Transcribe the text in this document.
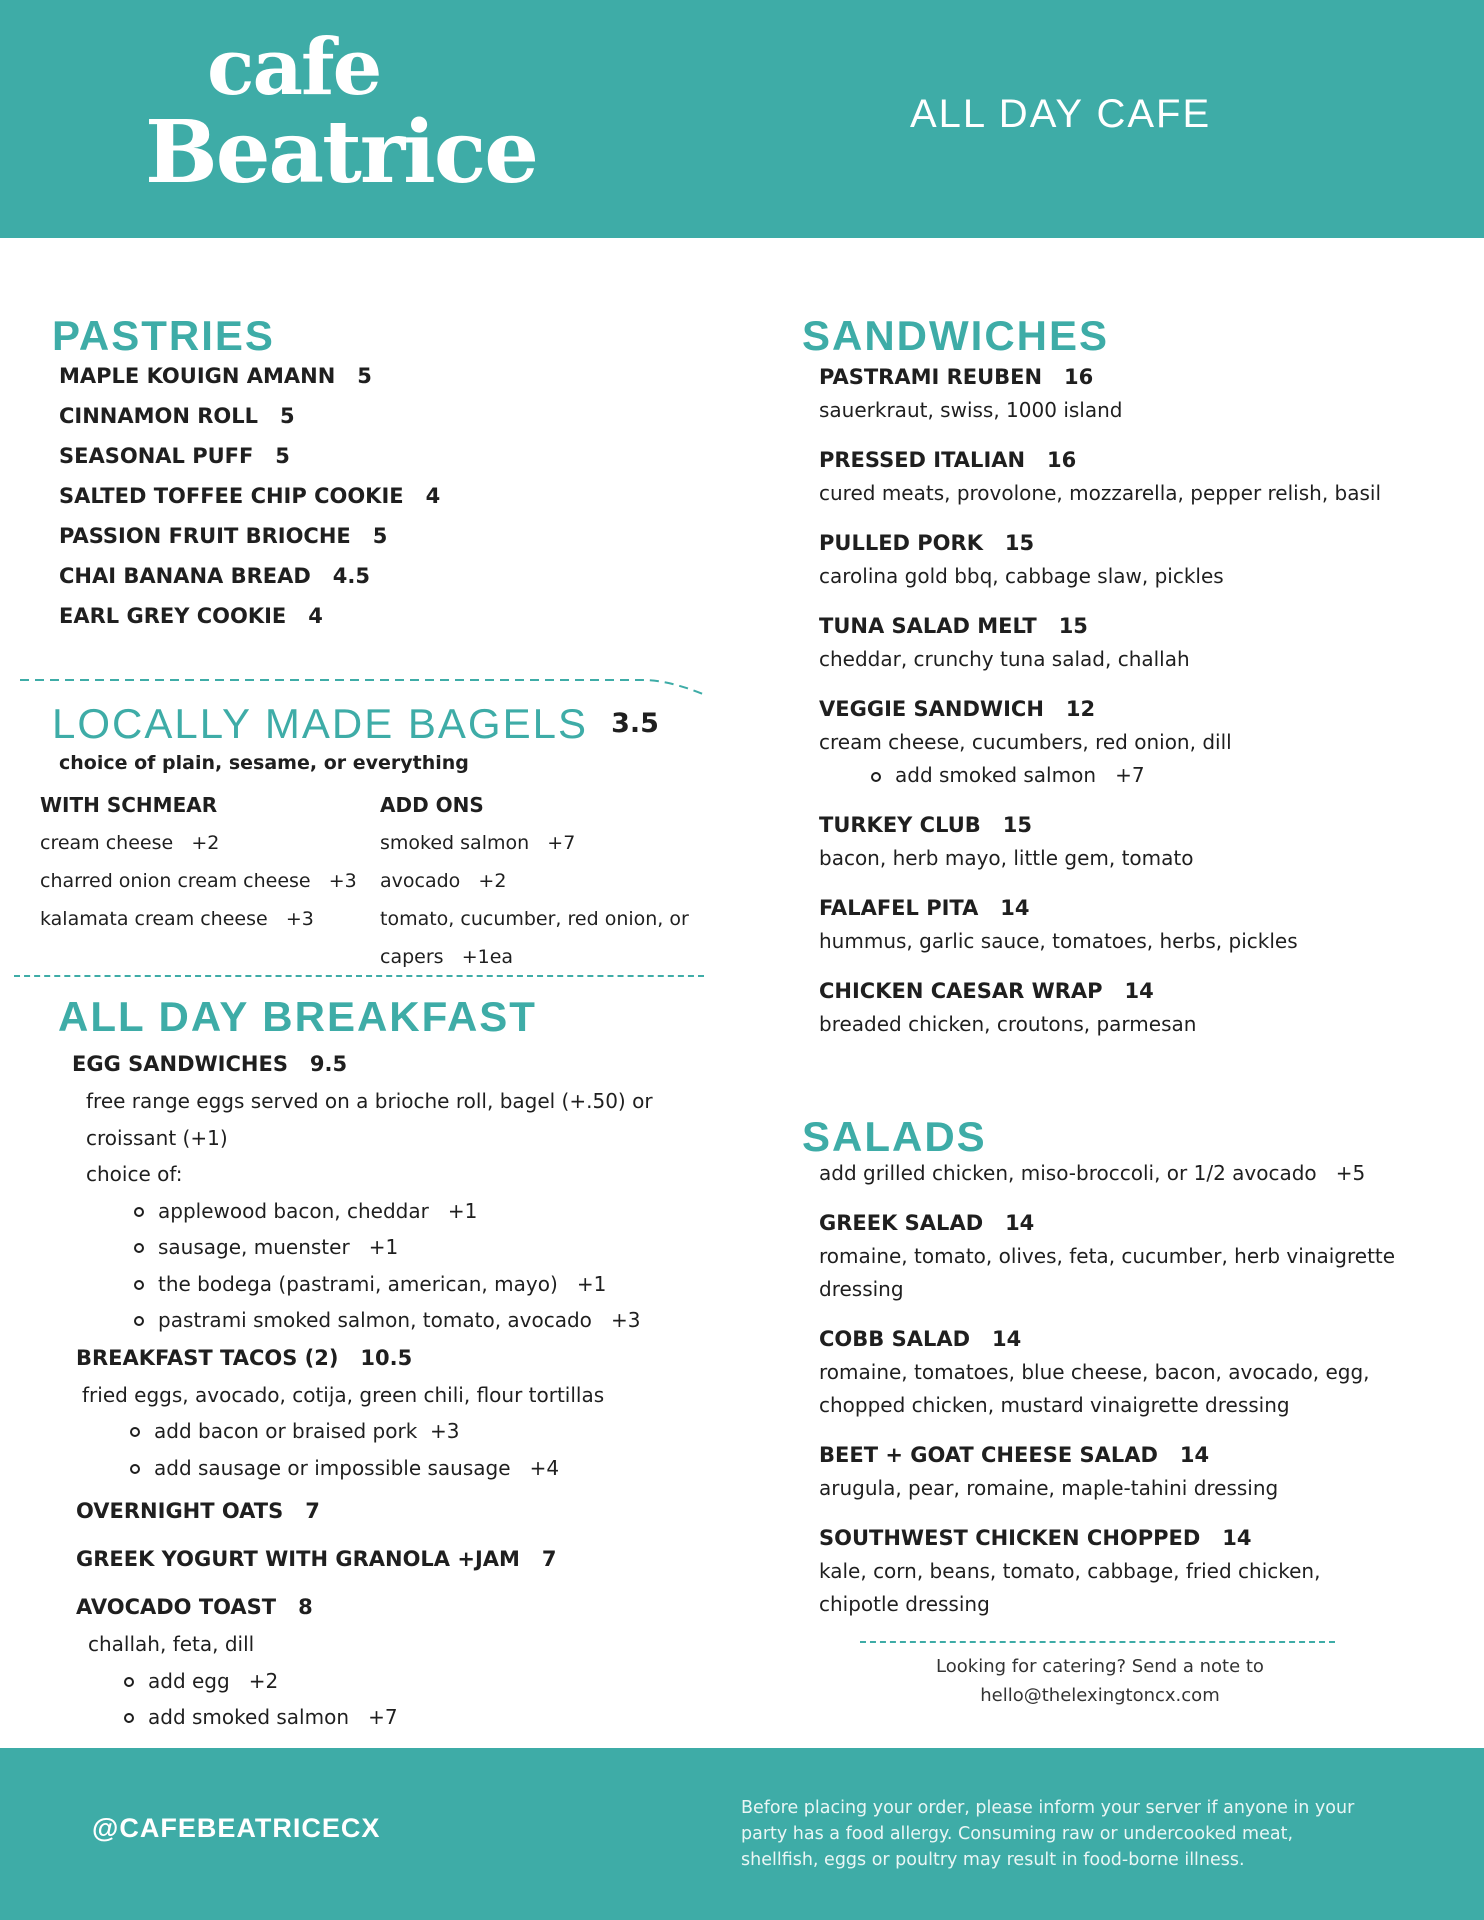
cafe
Beatrice	ALL DAY CAFE
PASTRIES
MAPLE KOUIGN AMANN 5
CINNAMON ROLL 5
SEASONAL PUFF 5
SALTED TOFFEE CHIP COOKIE 4
PASSION FRUIT BRIOCHE 5
CHAI BANANA BREAD 4.5
EARL GREY COOKIE 4
LOCALLY MADE BAGELS 3.5
choice of plain, sesame, or everything
WITH SCHMEAR
cream cheese +2
charred onion cream cheese +3
kalamata cream cheese +3
ADD ONS
smoked salmon +7
avocado +2
tomato, cucumber, red onion, or
capers +1ea
ALL DAY BREAKFAST
EGG SANDWICHES 9.5
free range eggs served on a brioche roll, bagel (+.50) or
croissant (+1)
choice of:
applewood bacon, cheddar +1
sausage, muenster +1
the bodega (pastrami, american, mayo) +1
pastrami smoked salmon, tomato, avocado +3
BREAKFAST TACOS (2) 10.5
fried eggs, avocado, cotija, green chili, flour tortillas
add bacon or braised pork +3
add sausage or impossible sausage +4
OVERNIGHT OATS 7
GREEK YOGURT WITH GRANOLA +JAM 7
AVOCADO TOAST 8
challah, feta, dill
add egg +2
add smoked salmon +7
SANDWICHES
PASTRAMI REUBEN 16
sauerkraut, swiss, 1000 island
PRESSED ITALIAN 16
cured meats, provolone, mozzarella, pepper relish, basil
PULLED PORK 15
carolina gold bbq, cabbage slaw, pickles
TUNA SALAD MELT 15
cheddar, crunchy tuna salad, challah
VEGGIE SANDWICH 12
cream cheese, cucumbers, red onion, dill
add smoked salmon +7
TURKEY CLUB 15
bacon, herb mayo, little gem, tomato
FALAFEL PITA 14
hummus, garlic sauce, tomatoes, herbs, pickles
CHICKEN CAESAR WRAP 14
breaded chicken, croutons, parmesan
SALADS
add grilled chicken, miso-broccoli, or 1/2 avocado +5
GREEK SALAD 14
romaine, tomato, olives, feta, cucumber, herb vinaigrette
dressing
COBB SALAD 14
romaine, tomatoes, blue cheese, bacon, avocado, egg,
chopped chicken, mustard vinaigrette dressing
BEET + GOAT CHEESE SALAD 14
arugula, pear, romaine, maple-tahini dressing
SOUTHWEST CHICKEN CHOPPED 14
kale, corn, beans, tomato, cabbage, fried chicken,
chipotle dressing
Looking for catering? Send a note to
hello@thelexingtoncx.com
@CAFEBEATRICECX
Before placing your order, please inform your server if anyone in your party has a food allergy. Consuming raw or undercooked meat, shellfish, eggs or poultry may result in food-borne illness.
